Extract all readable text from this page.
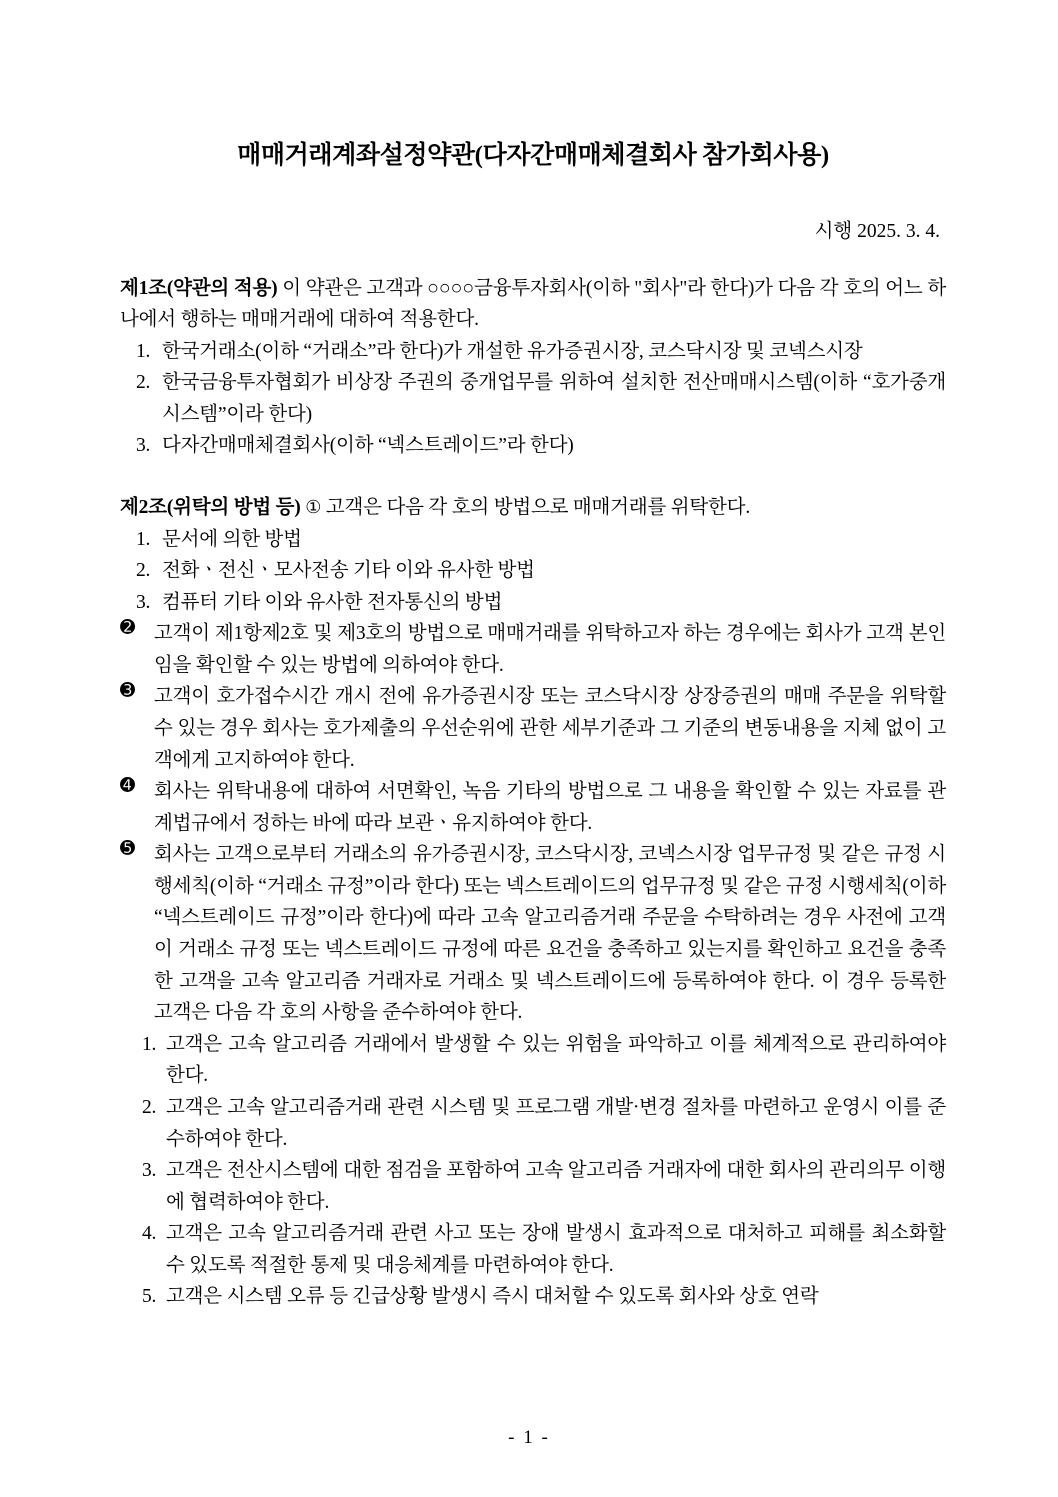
매매거래계좌설정약관(다자간매매체결회사 참가회사용)
시행 2025. 3. 4.

제1조(약관의 적용) 이 약관은 고객과 ○○○○금융투자회사(이하 "회사"라 한다)가 다음 각 호의 어느 하나에서 행하는 매매거래에 대하여 적용한다.

1. 한국거래소(이하 “거래소”라 한다)가 개설한 유가증권시장, 코스닥시장 및 코넥스시장
2. 한국금융투자협회가 비상장 주권의 중개업무를 위하여 설치한 전산매매시스템(이하 “호가중개시스템”이라 한다)
3. 다자간매매체결회사(이하 “넥스트레이드”라 한다)

제2조(위탁의 방법 등) ① 고객은 다음 각 호의 방법으로 매매거래를 위탁한다.

1. 문서에 의한 방법
2. 전화ㆍ전신ㆍ모사전송 기타 이와 유사한 방법
3. 컴퓨터 기타 이와 유사한 전자통신의 방법

➋ 고객이 제1항제2호 및 제3호의 방법으로 매매거래를 위탁하고자 하는 경우에는 회사가 고객 본인임을 확인할 수 있는 방법에 의하여야 한다.

➌ 고객이 호가접수시간 개시 전에 유가증권시장 또는 코스닥시장 상장증권의 매매 주문을 위탁할 수 있는 경우 회사는 호가제출의 우선순위에 관한 세부기준과 그 기준의 변동내용을 지체 없이 고객에게 고지하여야 한다.

➍ 회사는 위탁내용에 대하여 서면확인, 녹음 기타의 방법으로 그 내용을 확인할 수 있는 자료를 관계법규에서 정하는 바에 따라 보관ㆍ유지하여야 한다.

➎ 회사는 고객으로부터 거래소의 유가증권시장, 코스닥시장, 코넥스시장 업무규정 및 같은 규정 시행세칙(이하 “거래소 규정”이라 한다) 또는 넥스트레이드의 업무규정 및 같은 규정 시행세칙(이하 “넥스트레이드 규정”이라 한다)에 따라 고속 알고리즘거래 주문을 수탁하려는 경우 사전에 고객이 거래소 규정 또는 넥스트레이드 규정에 따른 요건을 충족하고 있는지를 확인하고 요건을 충족한 고객을 고속 알고리즘 거래자로 거래소 및 넥스트레이드에 등록하여야 한다. 이 경우 등록한 고객은 다음 각 호의 사항을 준수하여야 한다.

1. 고객은 고속 알고리즘 거래에서 발생할 수 있는 위험을 파악하고 이를 체계적으로 관리하여야 한다.
2. 고객은 고속 알고리즘거래 관련 시스템 및 프로그램 개발·변경 절차를 마련하고 운영시 이를 준수하여야 한다.
3. 고객은 전산시스템에 대한 점검을 포함하여 고속 알고리즘 거래자에 대한 회사의 관리의무 이행에 협력하여야 한다.
4. 고객은 고속 알고리즘거래 관련 사고 또는 장애 발생시 효과적으로 대처하고 피해를 최소화할 수 있도록 적절한 통제 및 대응체계를 마련하여야 한다.
5. 고객은 시스템 오류 등 긴급상황 발생시 즉시 대처할 수 있도록 회사와 상호 연락
- 1 -
